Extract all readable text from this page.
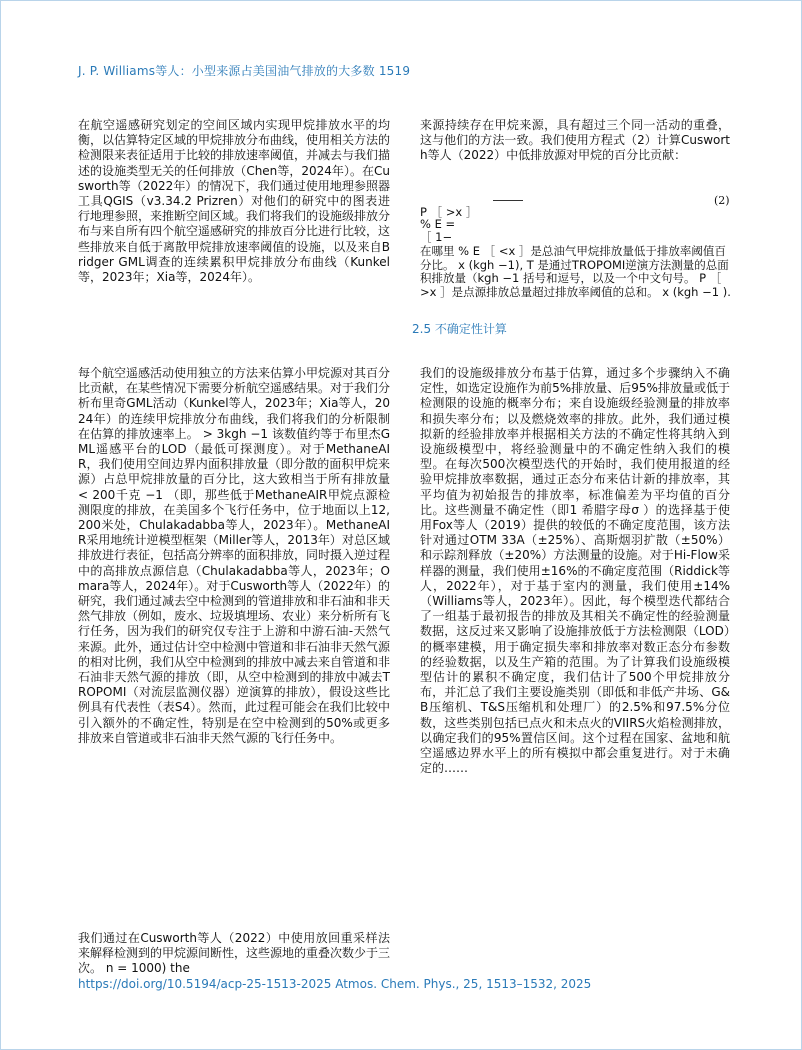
J. P. Williams等人：小型来源占美国油气排放的大多数 1519
在航空遥感研究划定的空间区域内实现甲烷排放水平的均衡，以估算特定区域的甲烷排放分布曲线，使用相关方法的检测限来表征适用于比较的排放速率阈值，并减去与我们描述的设施类型无关的任何排放（Chen等，2024年）。在Cusworth等（2022年）的情况下，我们通过使用地理参照器工具QGIS（v3.34.2 Prizren）对他们的研究中的图表进行地理参照，来推断空间区域。我们将我们的设施级排放分布与来自所有四个航空遥感研究的排放百分比进行比较，这些排放来自低于离散甲烷排放速率阈值的设施，以及来自Bridger GML调查的连续累积甲烷排放分布曲线（Kunkel等，2023年；Xia等，2024年）。
每个航空遥感活动使用独立的方法来估算小甲烷源对其百分比贡献，在某些情况下需要分析航空遥感结果。对于我们分析布里奇GML活动（Kunkel等人，2023年；Xia等人，2024年）的连续甲烷排放分布曲线，我们将我们的分析限制在估算的排放速率上。 > 3kgh −1 该数值约等于布里杰GML遥感平台的LOD（最低可探测度）。对于MethaneAIR，我们使用空间边界内面积排放量（即分散的面积甲烷来源）占总甲烷排放量的百分比，这大致相当于所有排放量 < 200千克 −1 （即，那些低于MethaneAIR甲烷点源检测限度的排放，在美国多个飞行任务中，位于地面以上12,200米处，Chulakadabba等人，2023年）。MethaneAIR采用地统计逆模型框架（Miller等人，2013年）对总区域排放进行表征，包括高分辨率的面积排放，同时摄入逆过程中的高排放点源信息（Chulakadabba等人，2023年；Omara等人，2024年）。对于Cusworth等人（2022年）的研究，我们通过减去空中检测到的管道排放和非石油和非天然气排放（例如，废水、垃圾填埋场、农业）来分析所有飞行任务，因为我们的研究仅专注于上游和中游石油-天然气来源。此外，通过估计空中检测中管道和非石油非天然气源的相对比例，我们从空中检测到的排放中减去来自管道和非石油非天然气源的排放（即，从空中检测到的排放中减去TROPOMI（对流层监测仪器）逆演算的排放），假设这些比例具有代表性（表S4）。然而，此过程可能会在我们比较中引入额外的不确定性，特别是在空中检测到的50%或更多排放来自管道或非石油非天然气源的飞行任务中。
我们通过在Cusworth等人（2022）中使用放回重采样法来解释检测到的甲烷源间断性，这些源地的重叠次数少于三次。 n = 1000) the
来源持续存在甲烷来源，具有超过三个同一活动的重叠，这与他们的方法一致。我们使用方程式（2）计算Cusworth等人（2022）中低排放源对甲烷的百分比贡献：
(2)
P ［ >x ］
% E =
［ 1−
在哪里 % E ［ <x ］是总油气甲烷排放量低于排放率阈值百分比。 x (kgh −1), T 是通过TROPOMI逆演方法测量的总面积排放量（kgh −1 括号和逗号，以及一个中文句号。 P ［ >x ］是点源排放总量超过排放率阈值的总和。 x (kgh −1 ).
2.5 不确定性计算
我们的设施级排放分布基于估算，通过多个步骤纳入不确定性，如选定设施作为前5%排放量、后95%排放量或低于检测限的设施的概率分布；来自设施级经验测量的排放率和损失率分布；以及燃烧效率的排放。此外，我们通过模拟新的经验排放率并根据相关方法的不确定性将其纳入到设施级模型中，将经验测量中的不确定性纳入我们的模型。在每次500次模型迭代的开始时，我们使用报道的经验甲烷排放率数据，通过正态分布来估计新的排放率，其平均值为初始报告的排放率，标准偏差为平均值的百分比。这些测量不确定性（即1 希腊字母σ ）的选择基于使用Fox等人（2019）提供的较低的不确定度范围，该方法针对通过OTM 33A（±25%）、高斯烟羽扩散（±50%）和示踪剂释放（±20%）方法测量的设施。对于Hi-Flow采样器的测量，我们使用±16%的不确定度范围（Riddick等人，2022年），对于基于室内的测量，我们使用±14%（Williams等人，2023年）。因此，每个模型迭代都结合了一组基于最初报告的排放及其相关不确定性的经验测量数据，这反过来又影响了设施排放低于方法检测限（LOD）的概率建模，用于确定损失率和排放率对数正态分布参数的经验数据，以及生产箱的范围。为了计算我们设施级模型估计的累积不确定度，我们估计了500个甲烷排放分布，并汇总了我们主要设施类别（即低和非低产井场、G&B压缩机、T&S压缩机和处理厂）的2.5%和97.5%分位数，这些类别包括已点火和未点火的VIIRS火焰检测排放，以确定我们的95%置信区间。这个过程在国家、盆地和航空遥感边界水平上的所有模拟中都会重复进行。对于未确定的……
https://doi.org/10.5194/acp-25-1513-2025 Atmos. Chem. Phys., 25, 1513–1532, 2025
